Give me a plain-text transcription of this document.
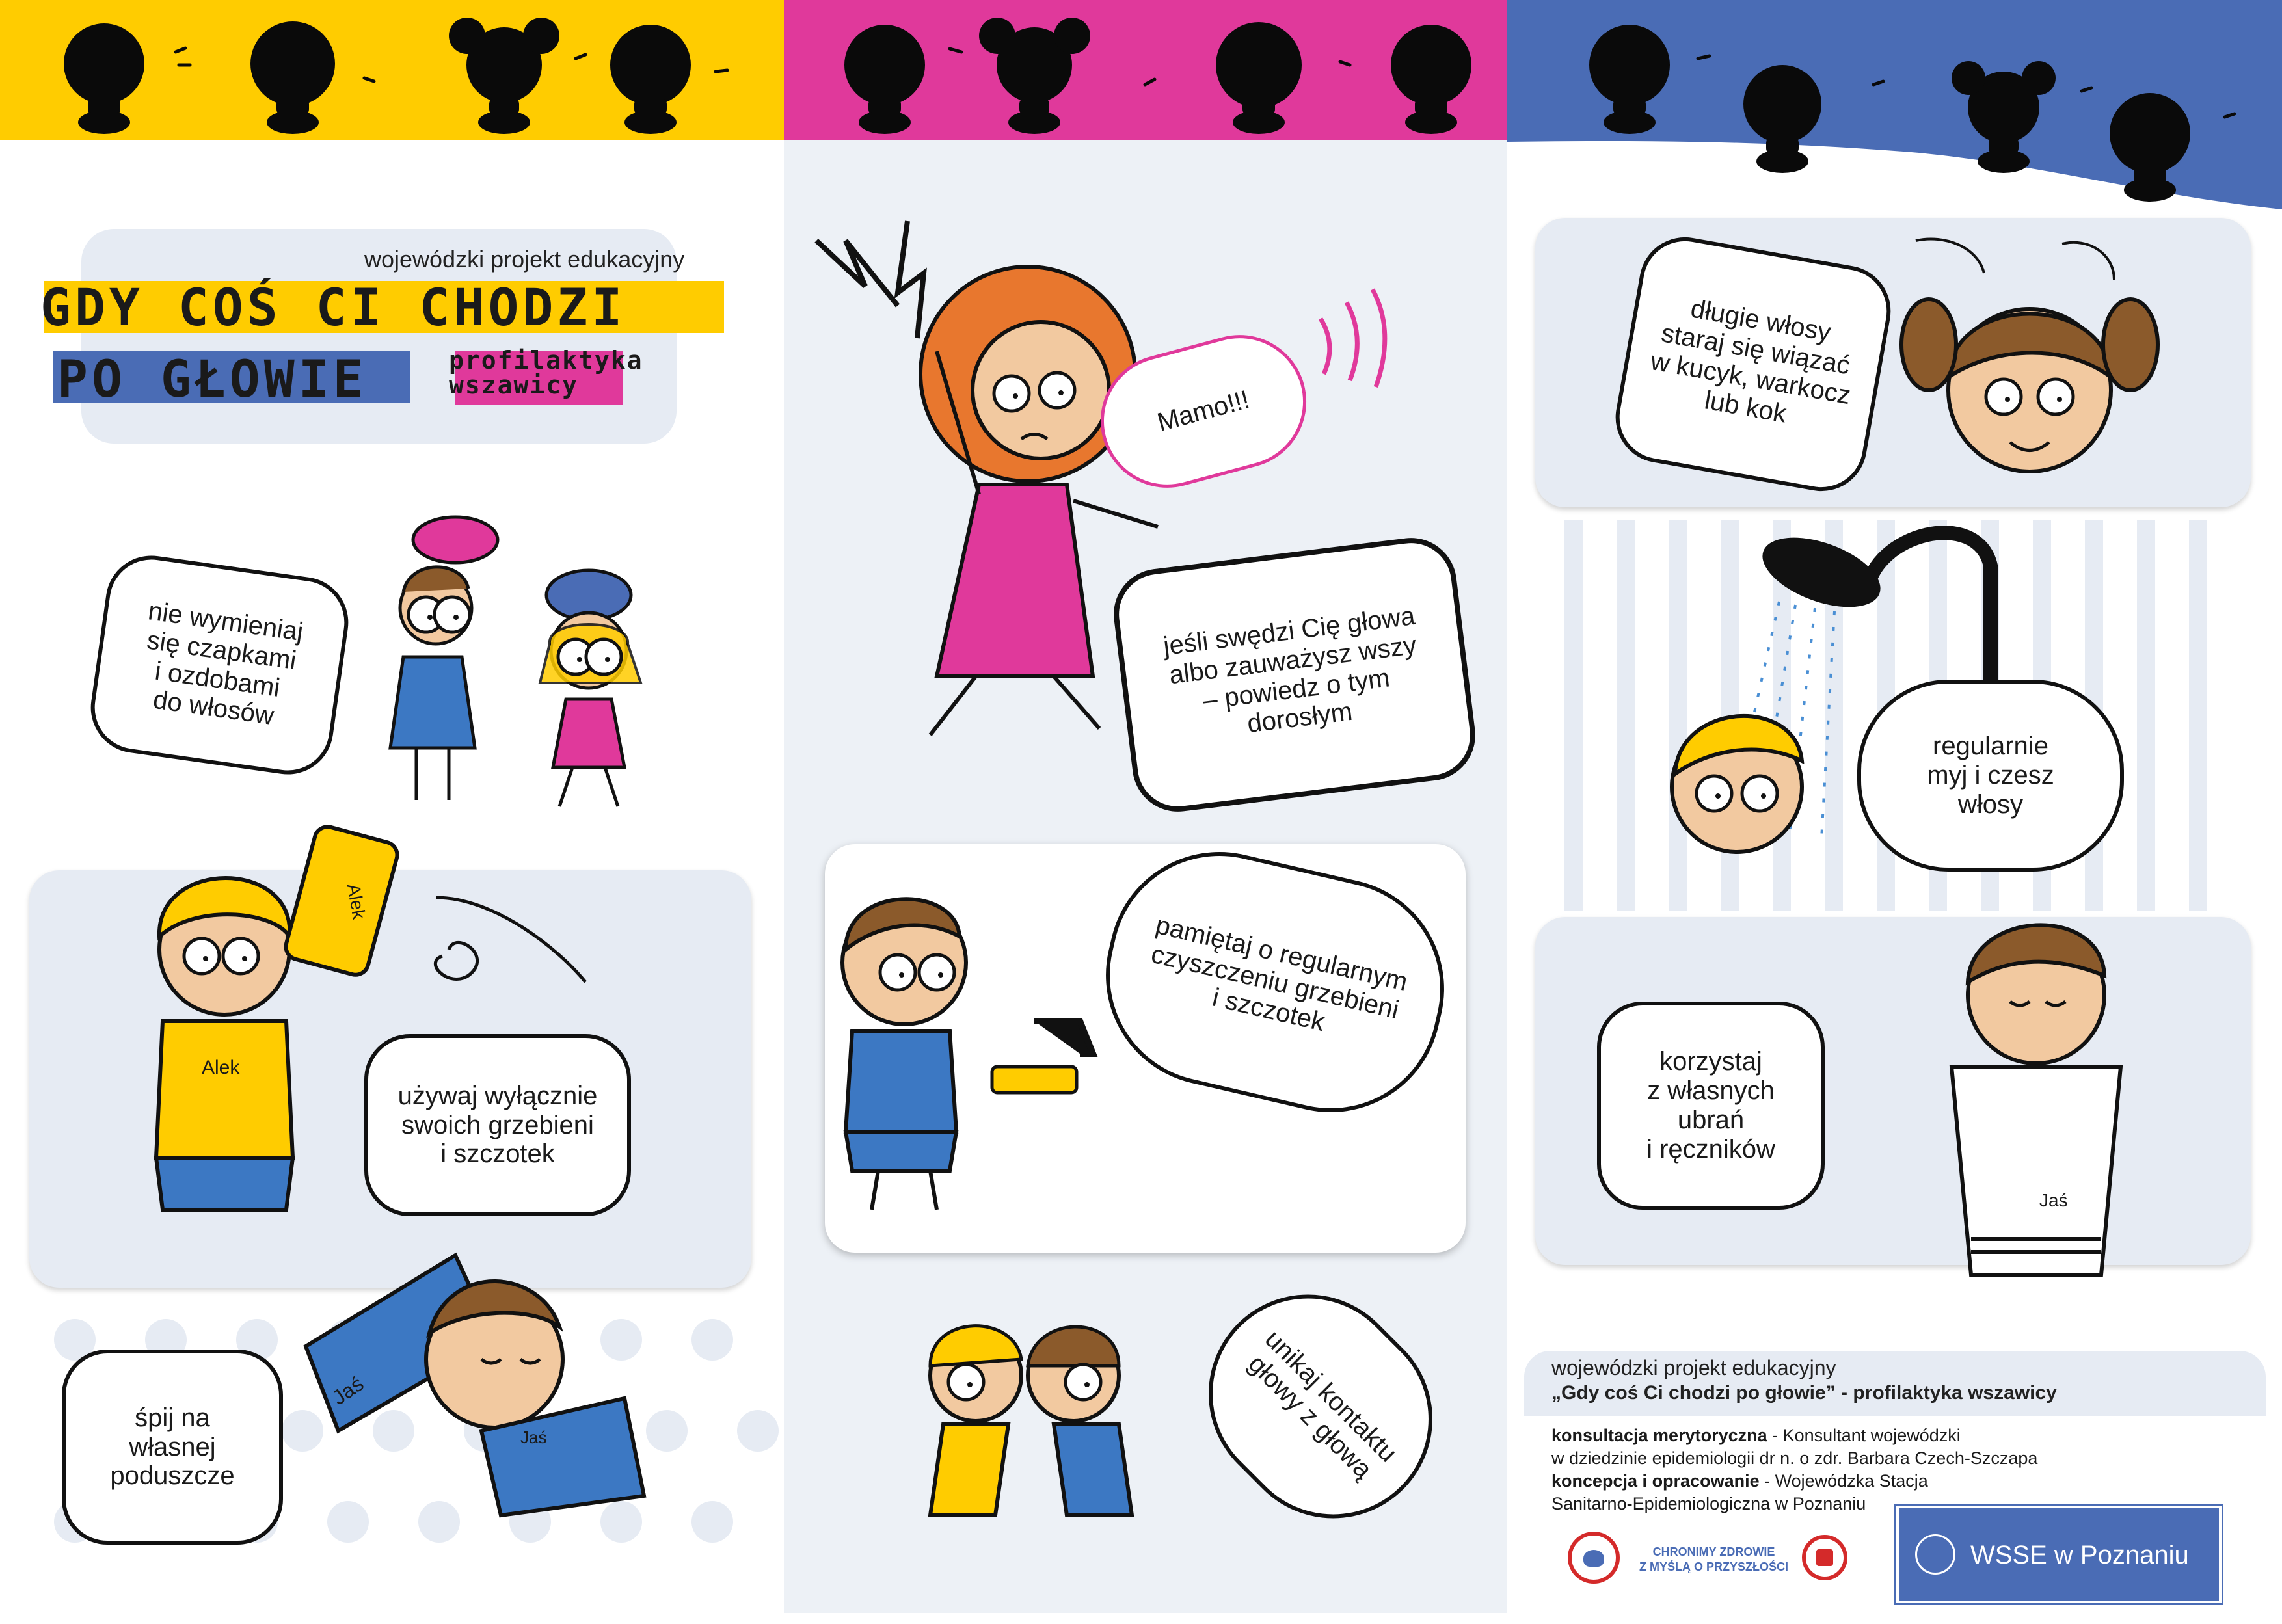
wojewódzki projekt edukacyjny
GDY COŚ CI CHODZI
PO GŁOWIE	profilaktyka wszawicy
Alek
Alek
Jaś
Jaś
Jaś
nie wymieniaj
się czapkami
i ozdobami
do włosów
używaj wyłącznie
swoich grzebieni
i szczotek
śpij na
własnej
poduszcze
Mamo!!!
jeśli swędzi Cię głowa
albo zauważysz wszy
– powiedz o tym
dorosłym
pamiętaj o regularnym
czyszczeniu grzebieni
i szczotek
unikaj kontaktu
głowy z głową
długie włosy
staraj się wiązać
w kucyk, warkocz
lub kok
regularnie
myj i czesz
włosy
korzystaj
z własnych
ubrań
i ręczników
wojewódzki projekt edukacyjny
„Gdy coś Ci chodzi po głowie” - profilaktyka wszawicy
konsultacja merytoryczna - Konsultant wojewódzki
w dziedzinie epidemiologii dr n. o zdr. Barbara Czech-Szczapa
koncepcja i opracowanie - Wojewódzka Stacja
Sanitarno-Epidemiologiczna w Poznaniu
CHRONIMY ZDROWIE
Z MYŚLĄ O PRZYSZŁOŚCI	WSSE w Poznaniu
